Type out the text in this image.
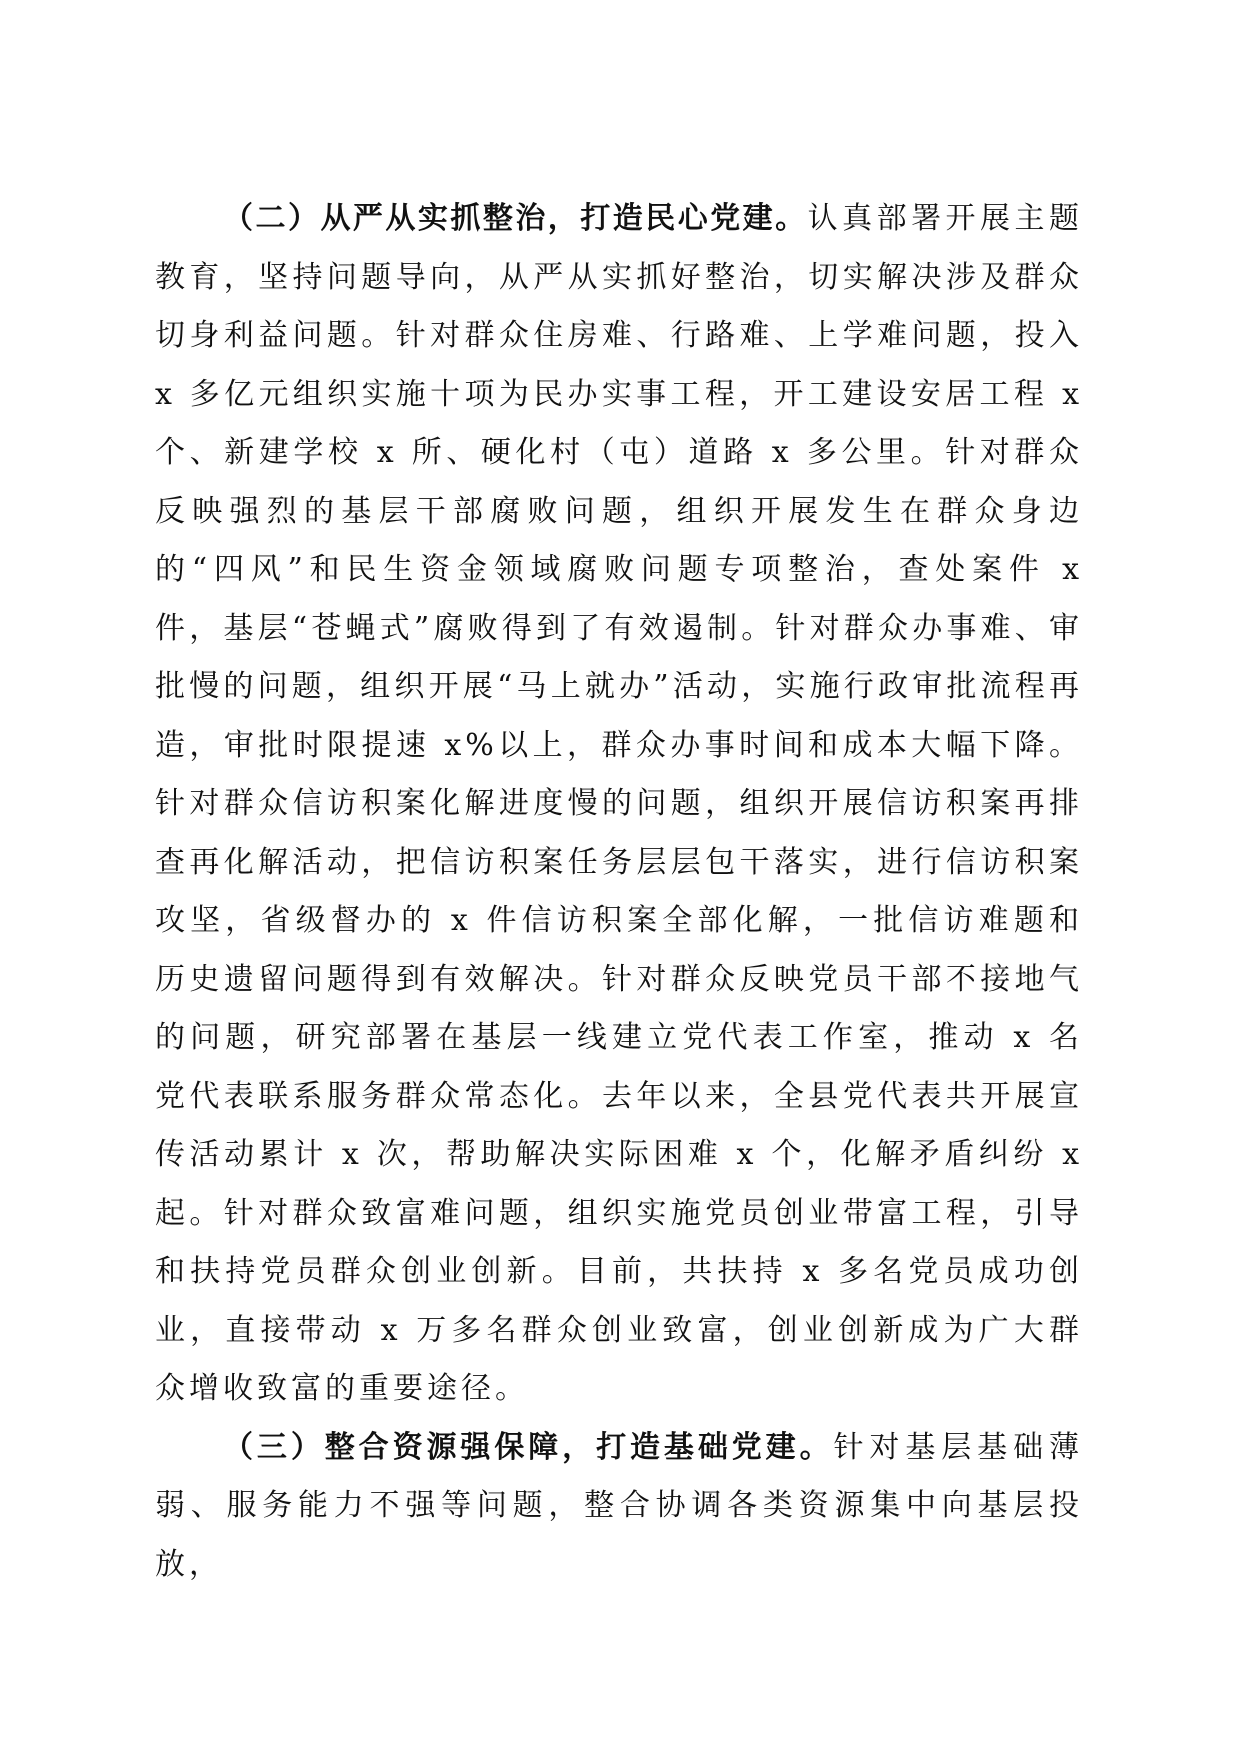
（二）从严从实抓整治，打造民心党建。认真部署开展主题教育，坚持问题导向，从严从实抓好整治，切实解决涉及群众切身利益问题。针对群众住房难、行路难、上学难问题，投入 x 多亿元组织实施十项为民办实事工程，开工建设安居工程 x 个、新建学校 x 所、硬化村（屯）道路 x 多公里。针对群众反映强烈的基层干部腐败问题，组织开展发生在群众身边的“四风”和民生资金领域腐败问题专项整治，查处案件 x 件，基层“苍蝇式”腐败得到了有效遏制。针对群众办事难、审批慢的问题，组织开展“马上就办”活动，实施行政审批流程再造，审批时限提速 x%以上，群众办事时间和成本大幅下降。针对群众信访积案化解进度慢的问题，组织开展信访积案再排查再化解活动，把信访积案任务层层包干落实，进行信访积案攻坚，省级督办的 x 件信访积案全部化解，一批信访难题和历史遗留问题得到有效解决。针对群众反映党员干部不接地气的问题，研究部署在基层一线建立党代表工作室，推动 x 名党代表联系服务群众常态化。去年以来，全县党代表共开展宣传活动累计 x 次，帮助解决实际困难 x 个，化解矛盾纠纷 x 起。针对群众致富难问题，组织实施党员创业带富工程，引导和扶持党员群众创业创新。目前，共扶持 x 多名党员成功创业，直接带动 x 万多名群众创业致富，创业创新成为广大群众增收致富的重要途径。

（三）整合资源强保障，打造基础党建。针对基层基础薄弱、服务能力不强等问题，整合协调各类资源集中向基层投放，
